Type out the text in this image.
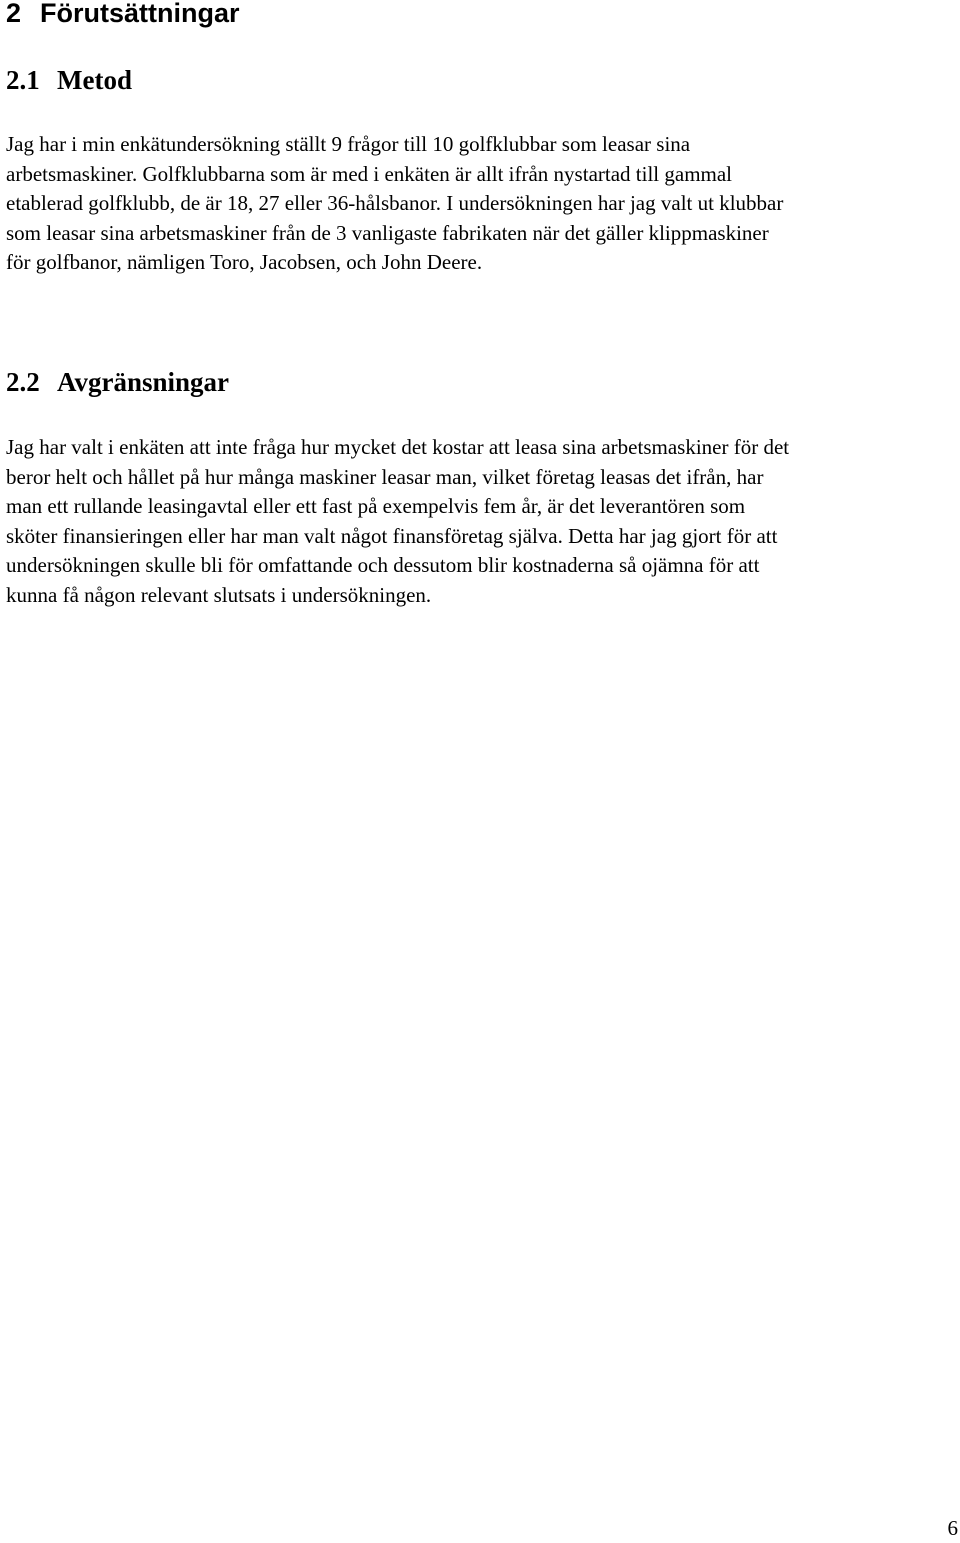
2 Förutsättningar
2.1 Metod

Jag har i min enkätundersökning ställt 9 frågor till 10 golfklubbar som leasar sina
arbetsmaskiner. Golfklubbarna som är med i enkäten är allt ifrån nystartad till gammal
etablerad golfklubb, de är 18, 27 eller 36-hålsbanor. I undersökningen har jag valt ut klubbar
som leasar sina arbetsmaskiner från de 3 vanligaste fabrikaten när det gäller klippmaskiner
för golfbanor, nämligen Toro, Jacobsen, och John Deere.

2.2 Avgränsningar

Jag har valt i enkäten att inte fråga hur mycket det kostar att leasa sina arbetsmaskiner för det
beror helt och hållet på hur många maskiner leasar man, vilket företag leasas det ifrån, har
man ett rullande leasingavtal eller ett fast på exempelvis fem år, är det leverantören som
sköter finansieringen eller har man valt något finansföretag själva. Detta har jag gjort för att
undersökningen skulle bli för omfattande och dessutom blir kostnaderna så ojämna för att
kunna få någon relevant slutsats i undersökningen.

6
